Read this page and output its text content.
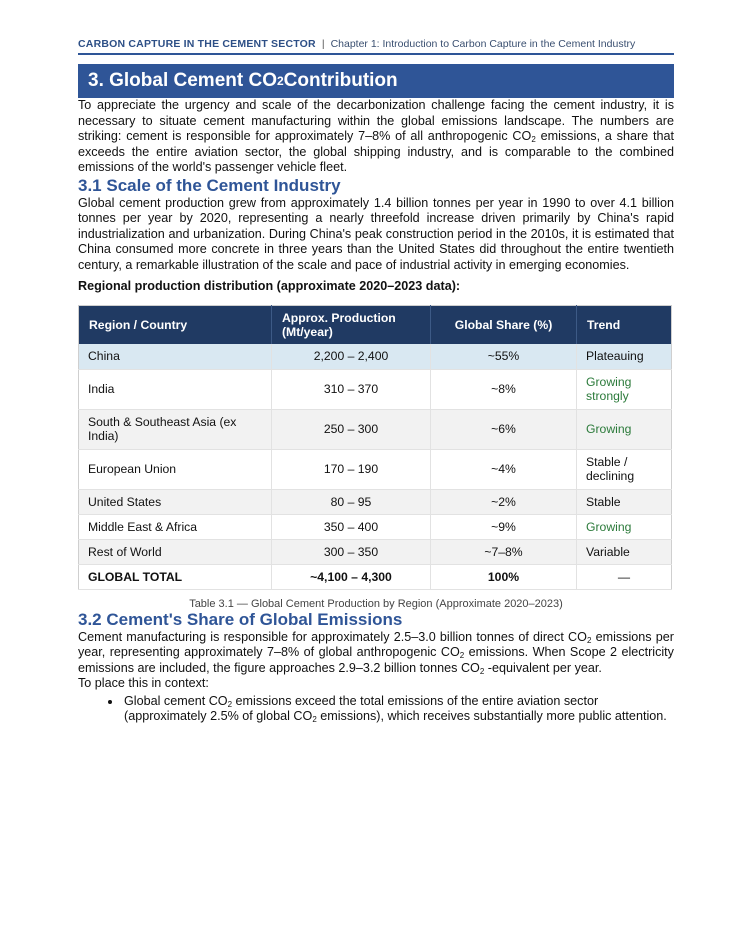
CARBON CAPTURE IN THE CEMENT SECTOR | Chapter 1: Introduction to Carbon Capture in the Cement Industry
3. Global Cement CO 2 Contribution

To appreciate the urgency and scale of the decarbonization challenge facing the cement industry, it is necessary to situate cement manufacturing within the global emissions landscape. The numbers are striking: cement is responsible for approximately 7–8% of all anthropogenic $CO_2$ emissions, a share that exceeds the entire aviation sector, the global shipping industry, and is comparable to the combined emissions of the world's passenger vehicle fleet.

3.1 Scale of the Cement Industry

Global cement production grew from approximately 1.4 billion tonnes per year in 1990 to over 4.1 billion tonnes per year by 2020, representing a nearly threefold increase driven primarily by China's rapid industrialization and urbanization. During China's peak construction period in the 2010s, it is estimated that China consumed more concrete in three years than the United States did throughout the entire twentieth century, a remarkable illustration of the scale and pace of industrial activity in emerging economies.

Regional production distribution (approximate 2020–2023 data):
Region / Country	Approx. Production (Mt/year)	Global Share (%)	Trend
China	2,200 – 2,400	~55%	Plateauing
India	310 – 370	~8%	Growing strongly
South & Southeast Asia (ex India)	250 – 300	~6%	Growing
European Union	170 – 190	~4%	Stable / declining
United States	80 – 95	~2%	Stable
Middle East & Africa	350 – 400	~9%	Growing
Rest of World	300 – 350	~7–8%	Variable
GLOBAL TOTAL	~4,100 – 4,300	100%	—
Table 3.1 — Global Cement Production by Region (Approximate 2020–2023)
3.2 Cement's Share of Global Emissions

Cement manufacturing is responsible for approximately 2.5–3.0 billion tonnes of direct $CO_2$ emissions per year, representing approximately 7–8% of global anthropogenic $CO_2$ emissions. When Scope 2 electricity emissions are included, the figure approaches 2.9–3.2 billion tonnes $CO_2$ -equivalent per year.

To place this in context:

• Global cement $CO_2$ emissions exceed the total emissions of the entire aviation sector (approximately 2.5% of global $CO_2$ emissions), which receives substantially more public attention.
